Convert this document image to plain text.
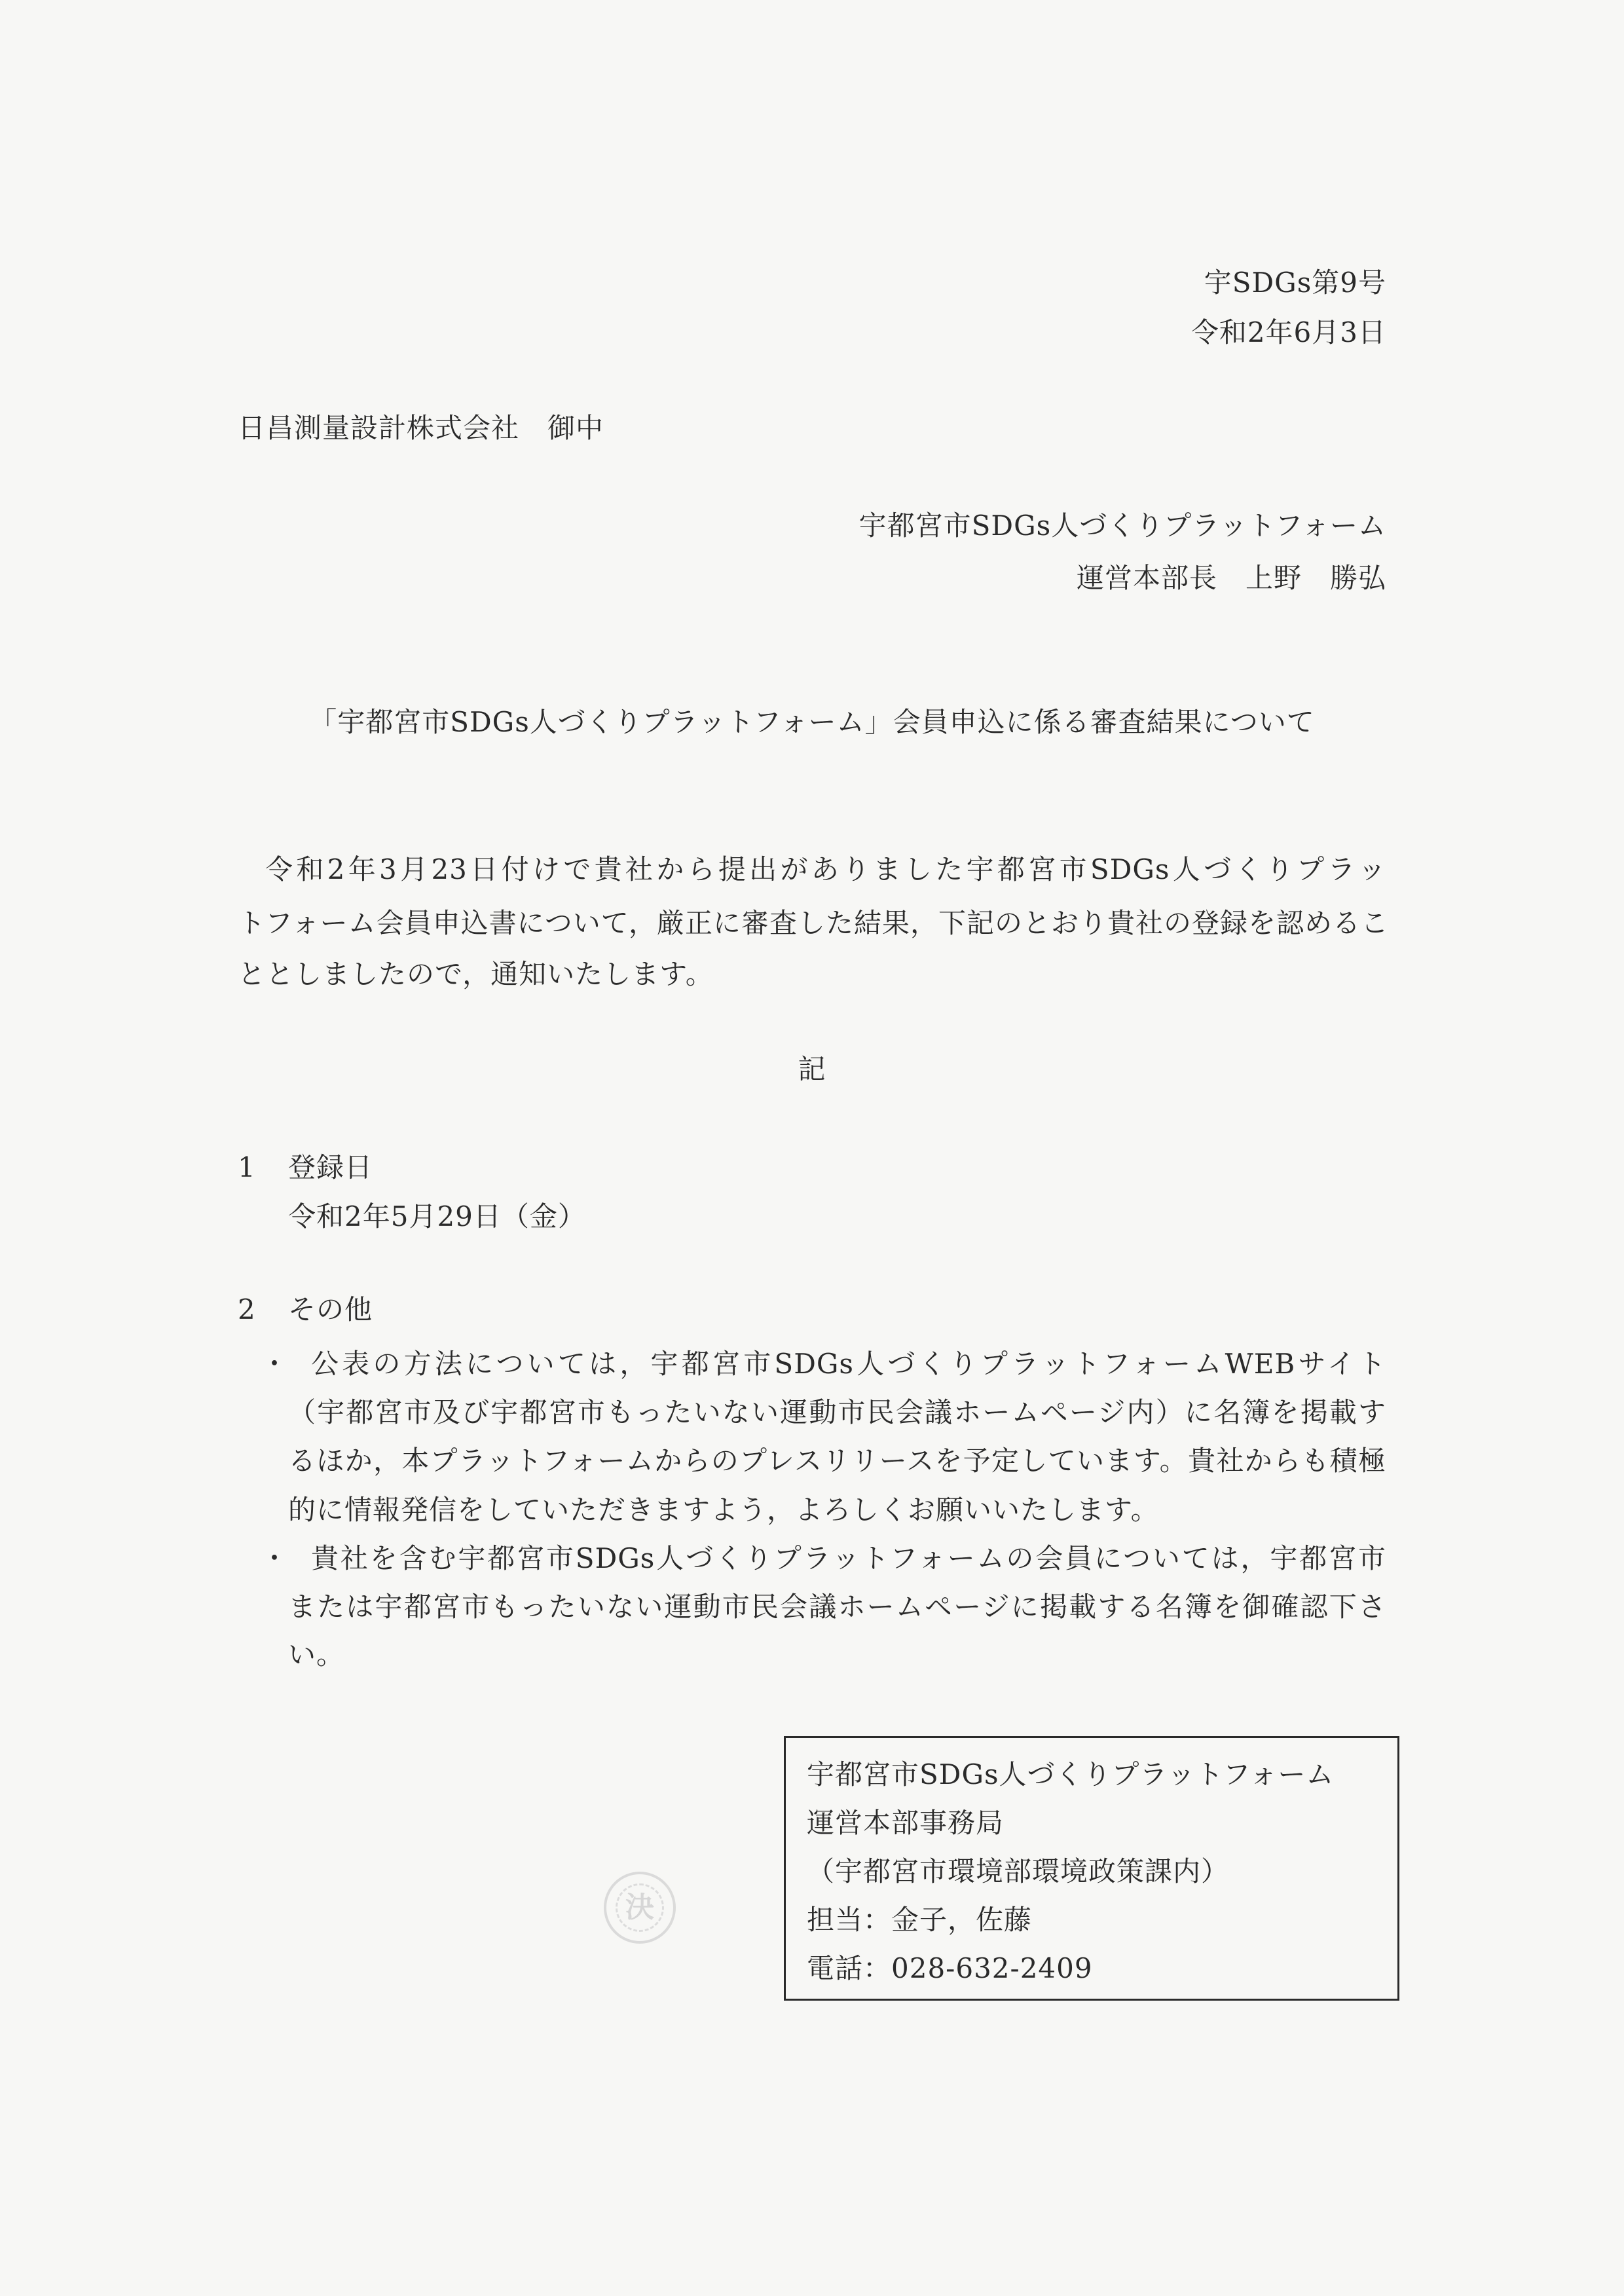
宇SDGs第9号
令和2年6月3日
日昌測量設計株式会社　御中
宇都宮市SDGs人づくりプラットフォーム
運営本部長　上野　勝弘
「宇都宮市SDGs人づくりプラットフォーム」会員申込に係る審査結果について
令和2年3月23日付けで貴社から提出がありました宇都宮市SDGs人づくりプラッ
トフォーム会員申込書について，厳正に審査した結果，下記のとおり貴社の登録を認めるこ
ととしましたので，通知いたします。
記
1 登録日
令和2年5月29日（金）
2 その他
・ 公表の方法については，宇都宮市SDGs人づくりプラットフォームWEBサイト
（宇都宮市及び宇都宮市もったいない運動市民会議ホームページ内）に名簿を掲載す
るほか，本プラットフォームからのプレスリリースを予定しています。貴社からも積極
的に情報発信をしていただきますよう，よろしくお願いいたします。
・ 貴社を含む宇都宮市SDGs人づくりプラットフォームの会員については，宇都宮市
または宇都宮市もったいない運動市民会議ホームページに掲載する名簿を御確認下さ
い。
決
宇都宮市SDGs人づくりプラットフォーム
運営本部事務局
（宇都宮市環境部環境政策課内）
担当：金子，佐藤
電話：028-632-2409
